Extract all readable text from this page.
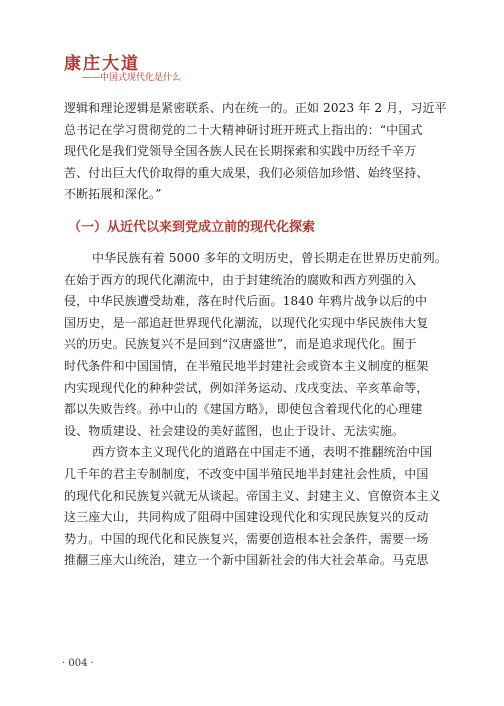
康庄大道
——中国式现代化是什么
逻辑和理论逻辑是紧密联系、内在统一的。正如 2023 年 2 月，习近平
总书记在学习贯彻党的二十大精神研讨班开班式上指出的：“中国式
现代化是我们党领导全国各族人民在长期探索和实践中历经千辛万
苦、付出巨大代价取得的重大成果，我们必须倍加珍惜、始终坚持、
不断拓展和深化。”
（一）从近代以来到党成立前的现代化探索
中华民族有着 5000 多年的文明历史，曾长期走在世界历史前列。
在始于西方的现代化潮流中，由于封建统治的腐败和西方列强的入
侵，中华民族遭受劫难，落在时代后面。1840 年鸦片战争以后的中
国历史，是一部追赶世界现代化潮流，以现代化实现中华民族伟大复
兴的历史。民族复兴不是回到“汉唐盛世”，而是追求现代化。囿于
时代条件和中国国情，在半殖民地半封建社会或资本主义制度的框架
内实现现代化的种种尝试，例如洋务运动、戊戌变法、辛亥革命等，
都以失败告终。孙中山的《建国方略》，即使包含着现代化的心理建
设、物质建设、社会建设的美好蓝图，也止于设计、无法实施。
西方资本主义现代化的道路在中国走不通，表明不推翻统治中国
几千年的君主专制制度，不改变中国半殖民地半封建社会性质，中国
的现代化和民族复兴就无从谈起。帝国主义、封建主义、官僚资本主义
这三座大山，共同构成了阻碍中国建设现代化和实现民族复兴的反动
势力。中国的现代化和民族复兴，需要创造根本社会条件，需要一场
推翻三座大山统治，建立一个新中国新社会的伟大社会革命。马克思
· 004 ·
